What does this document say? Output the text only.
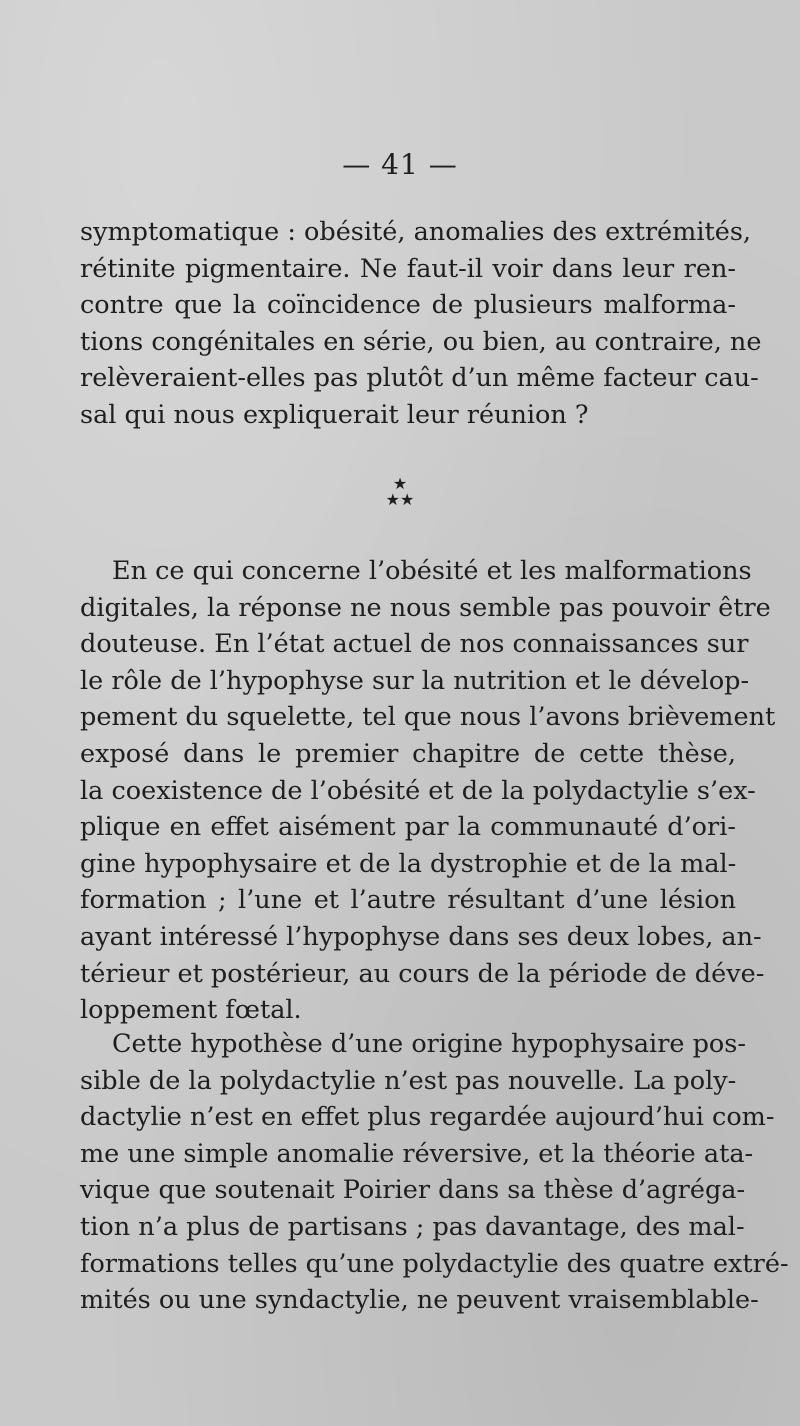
— 41 —
symptomatique : obésité, anomalies des extrémités,
rétinite pigmentaire. Ne faut-il voir dans leur ren-
contre que la coïncidence de plusieurs malforma-
tions congénitales en série, ou bien, au contraire, ne
relèveraient-elles pas plutôt d’un même facteur cau-
sal qui nous expliquerait leur réunion ?
★
★★
En ce qui concerne l’obésité et les malformations
digitales, la réponse ne nous semble pas pouvoir être
douteuse. En l’état actuel de nos connaissances sur
le rôle de l’hypophyse sur la nutrition et le dévelop-
pement du squelette, tel que nous l’avons brièvement
exposé dans le premier chapitre de cette thèse,
la coexistence de l’obésité et de la polydactylie s’ex-
plique en effet aisément par la communauté d’ori-
gine hypophysaire et de la dystrophie et de la mal-
formation ; l’une et l’autre résultant d’une lésion
ayant intéressé l’hypophyse dans ses deux lobes, an-
térieur et postérieur, au cours de la période de déve-
loppement fœtal.
Cette hypothèse d’une origine hypophysaire pos-
sible de la polydactylie n’est pas nouvelle. La poly-
dactylie n’est en effet plus regardée aujourd’hui com-
me une simple anomalie réversive, et la théorie ata-
vique que soutenait Poirier dans sa thèse d’agréga-
tion n’a plus de partisans ; pas davantage, des mal-
formations telles qu’une polydactylie des quatre extré-
mités ou une syndactylie, ne peuvent vraisemblable-
